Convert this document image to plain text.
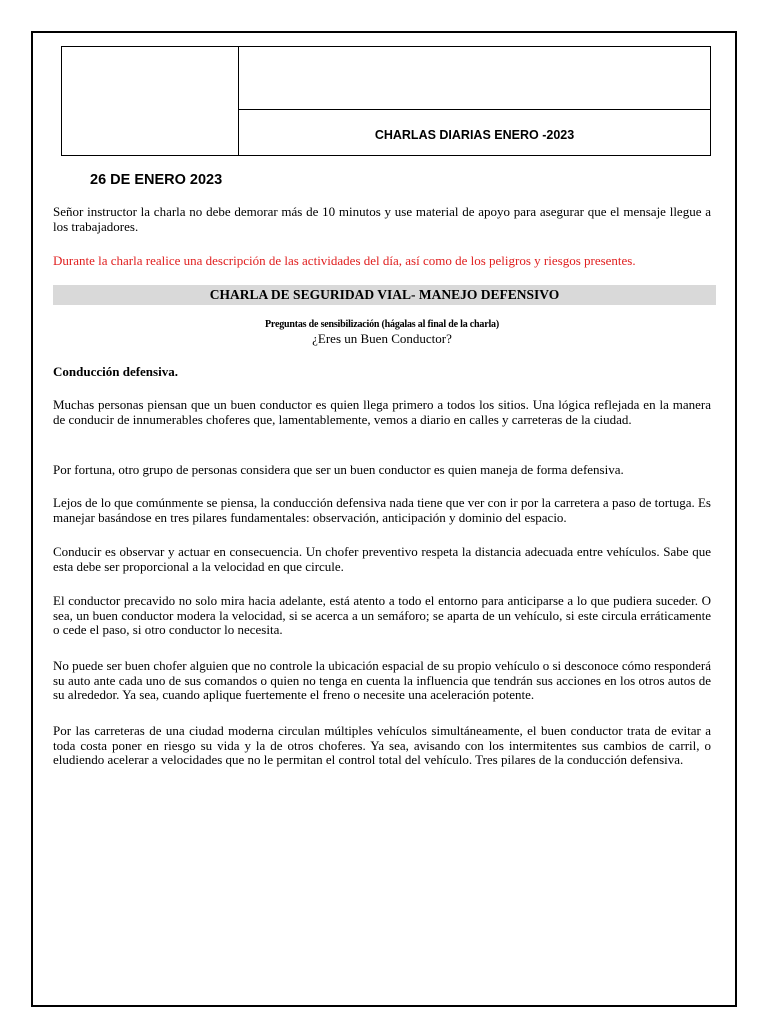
CHARLAS DIARIAS ENERO -2023
26 DE ENERO 2023

Señor instructor la charla no debe demorar más de 10 minutos y use material de apoyo para asegurar que el mensaje llegue a los trabajadores.

Durante la charla realice una descripción de las actividades del día, así como de los peligros y riesgos presentes.

CHARLA DE SEGURIDAD VIAL- MANEJO DEFENSIVO
Preguntas de sensibilización (hágalas al final de la charla)
¿Eres un Buen Conductor?
Conducción defensiva.

Muchas personas piensan que un buen conductor es quien llega primero a todos los sitios. Una lógica reflejada en la manera de conducir de innumerables choferes que, lamentablemente, vemos a diario en calles y carreteras de la ciudad.

Por fortuna, otro grupo de personas considera que ser un buen conductor es quien maneja de forma defensiva.

Lejos de lo que comúnmente se piensa, la conducción defensiva nada tiene que ver con ir por la carretera a paso de tortuga. Es manejar basándose en tres pilares fundamentales: observación, anticipación y dominio del espacio.

Conducir es observar y actuar en consecuencia. Un chofer preventivo respeta la distancia adecuada entre vehículos. Sabe que esta debe ser proporcional a la velocidad en que circule.

El conductor precavido no solo mira hacia adelante, está atento a todo el entorno para anticiparse a lo que pudiera suceder. O sea, un buen conductor modera la velocidad, si se acerca a un semáforo; se aparta de un vehículo, si este circula erráticamente o cede el paso, si otro conductor lo necesita.

No puede ser buen chofer alguien que no controle la ubicación espacial de su propio vehículo o si desconoce cómo responderá su auto ante cada uno de sus comandos o quien no tenga en cuenta la influencia que tendrán sus acciones en los otros autos de su alrededor. Ya sea, cuando aplique fuertemente el freno o necesite una aceleración potente.

Por las carreteras de una ciudad moderna circulan múltiples vehículos simultáneamente, el buen conductor trata de evitar a toda costa poner en riesgo su vida y la de otros choferes. Ya sea, avisando con los intermitentes sus cambios de carril, o eludiendo acelerar a velocidades que no le permitan el control total del vehículo. Tres pilares de la conducción defensiva.
